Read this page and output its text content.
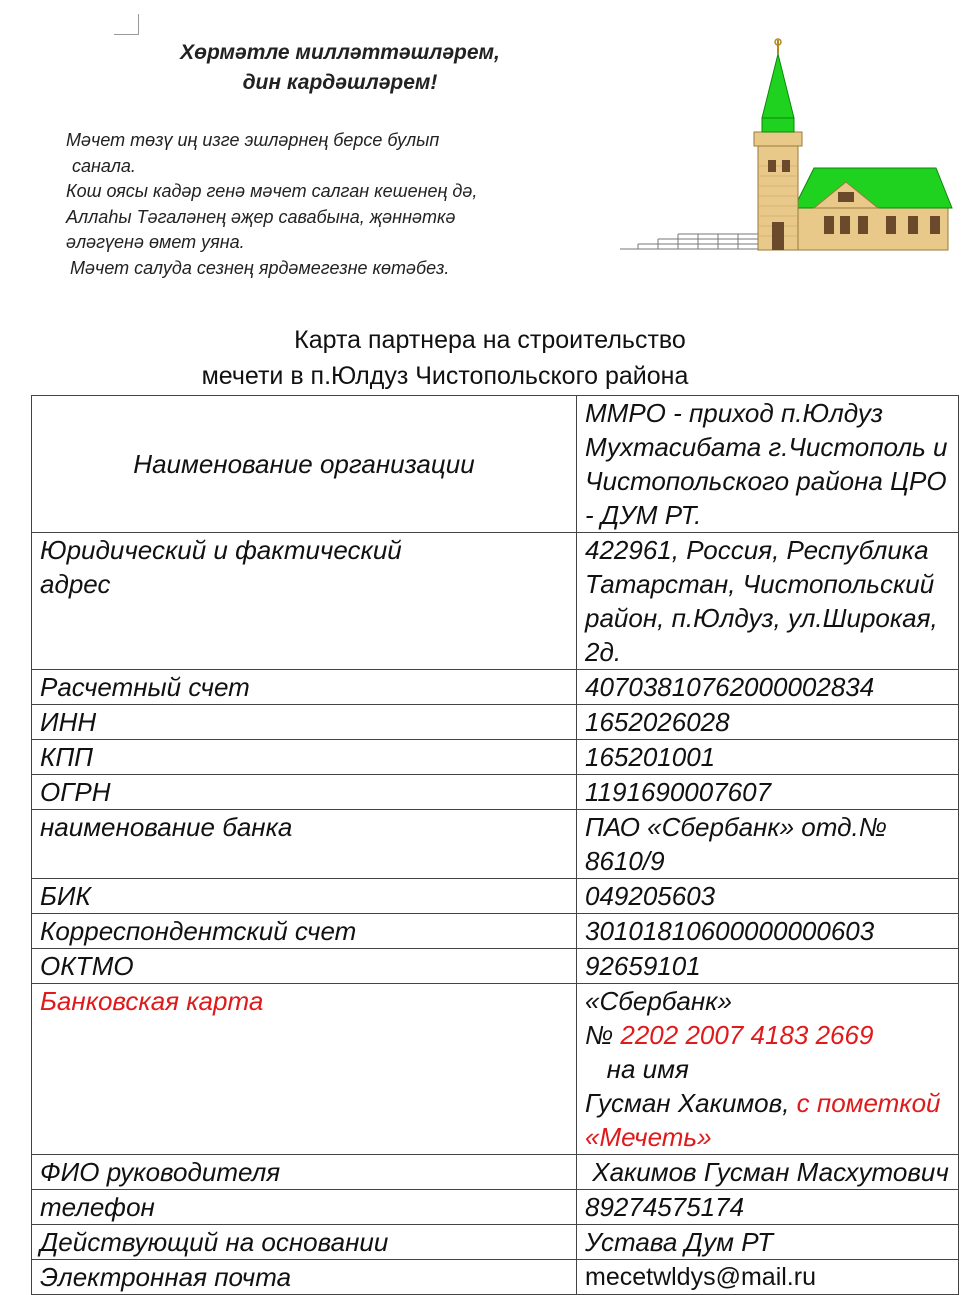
Хөрмәтле милләттәшләрем,
дин кардәшләрем!
Мәчет төзү иң изге эшләрнең берсе булып
санала.
Кош оясы кадәр генә мәчет салган кешенең дә,
Аллаһы Тәгаләнең әҗер савабына, җәннәткә
әләгүенә өмет уяна.
Мәчет салуда сезнең ярдәмегезне көтәбез.
Карта партнера на строительство
мечети в п.Юлдуз Чистопольского района
Наименование организации	ММРО - приход п.Юлдуз Мухтасибата г.Чистополь и Чистопольского района ЦРО - ДУМ РТ.
Юридический и фактический адрес	422961, Россия, Республика Татарстан, Чистопольский район, п.Юлдуз, ул.Широкая, 2д.
Расчетный счет	40703810762000002834
ИНН	1652026028
КПП	165201001
ОГРН	1191690007607
наименование банка	ПАО «Сбербанк» отд.№ 8610/9
БИК	049205603
Корреспондентский счет	30101810600000000603
ОКТМО	92659101
Банковская карта	«Сбербанк»
№ 2202 2007 4183 2669   на имя
Гусман Хакимов, с пометкой «Мечеть»

ФИО руководителя	Хакимов Гусман Масхутович
телефон	89274575174
Действующий на основании	Устава Дум РТ
Электронная почта	mecetwldys@mail.ru
